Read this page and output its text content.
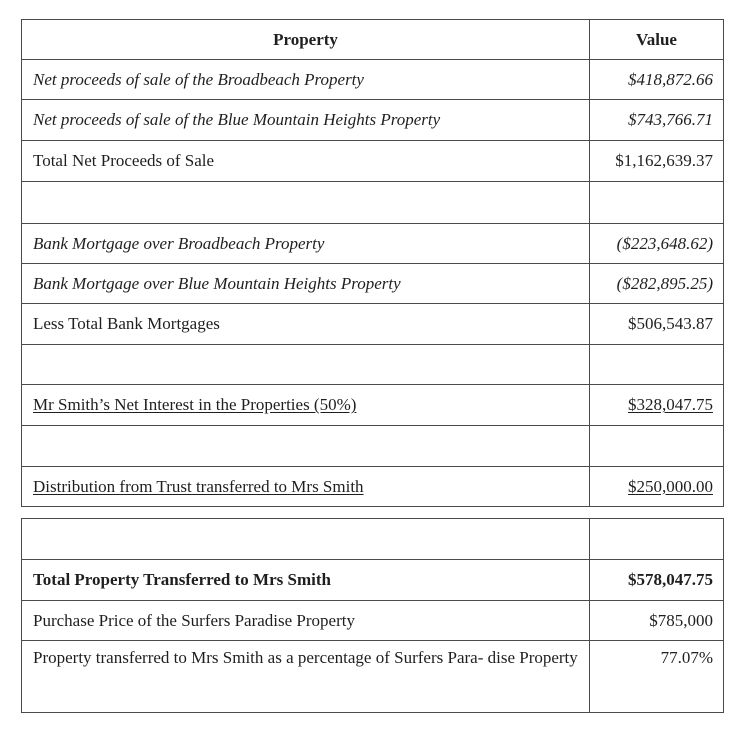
Property	Value
Net proceeds of sale of the Broadbeach Property	$418,872.66
Net proceeds of sale of the Blue Mountain Heights Property	$743,766.71
Total Net Proceeds of Sale	$1,162,639.37

Bank Mortgage over Broadbeach Property	($223,648.62)
Bank Mortgage over Blue Mountain Heights Property	($282,895.25)
Less Total Bank Mortgages	$506,543.87

Mr Smith’s Net Interest in the Properties (50%)	$328,047.75

Distribution from Trust transferred to Mrs Smith	$250,000.00

Total Property Transferred to Mrs Smith	$578,047.75
Purchase Price of the Surfers Paradise Property	$785,000
Property transferred to Mrs Smith as a percentage of Surfers Para- dise Property	77.07%
